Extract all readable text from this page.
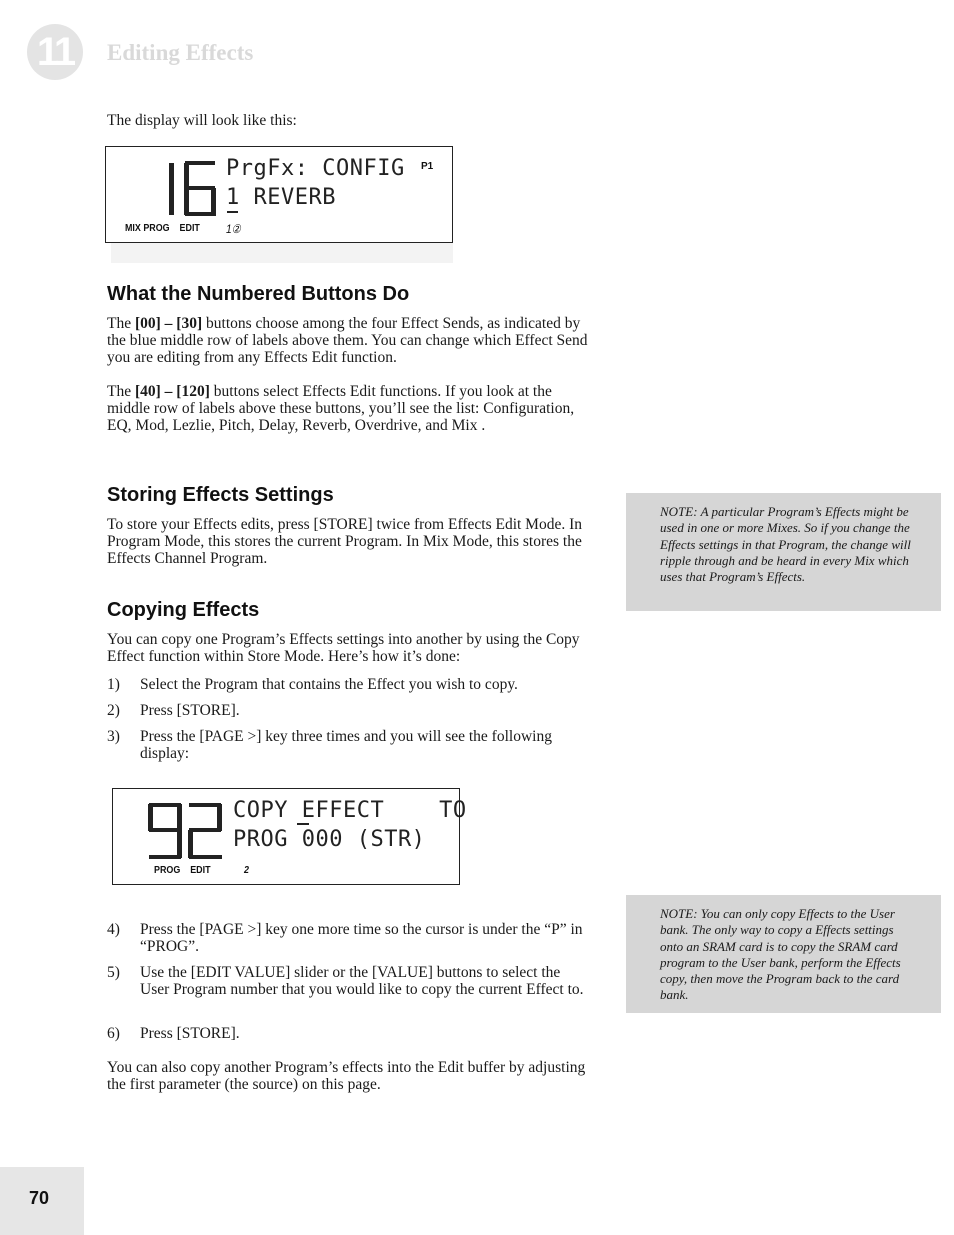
11 Editing Effects
The display will look like this:
PrgFx: CONFIG
1 REVERB
P1
MIX PROG    EDIT 1②
What the Numbered Buttons Do
The [00] – [30] buttons choose among the four Effect Sends, as indicated by the blue middle row of labels above them. You can change which Effect Send you are editing from any Effects Edit function.
The [40] – [120] buttons select Effects Edit functions. If you look at the middle row of labels above these buttons, you’ll see the list: Configuration, EQ, Mod, Lezlie, Pitch, Delay, Reverb, Overdrive, and Mix .
Storing Effects Settings
To store your Effects edits, press [STORE] twice from Effects Edit Mode. In Program Mode, this stores the current Program. In Mix Mode, this stores the Effects Channel Program.
NOTE: A particular Program’s Effects might be used in one or more Mixes. So if you change the Effects settings in that Program, the change will ripple through and be heard in every Mix which uses that Program’s Effects.
Copying Effects
You can copy one Program’s Effects settings into another by using the Copy Effect function within Store Mode. Here’s how it’s done:
1) Select the Program that contains the Effect you wish to copy.
2) Press [STORE].
3) Press the [PAGE >] key three times and you will see the following display:
COPY EFFECT    TO
PROG 000 (STR)
PROG    EDIT	2
NOTE: You can only copy Effects to the User bank. The only way to copy a Effects settings onto an SRAM card is to copy the SRAM card program to the User bank, perform the Effects copy, then move the Program back to the card bank.
4) Press the [PAGE >] key one more time so the cursor is under the “P” in “PROG”.
5) Use the [EDIT VALUE] slider or the [VALUE] buttons to select the User Program number that you would like to copy the current Effect to.
6) Press [STORE].
You can also copy another Program’s effects into the Edit buffer by adjusting the first parameter (the source) on this page.
70
